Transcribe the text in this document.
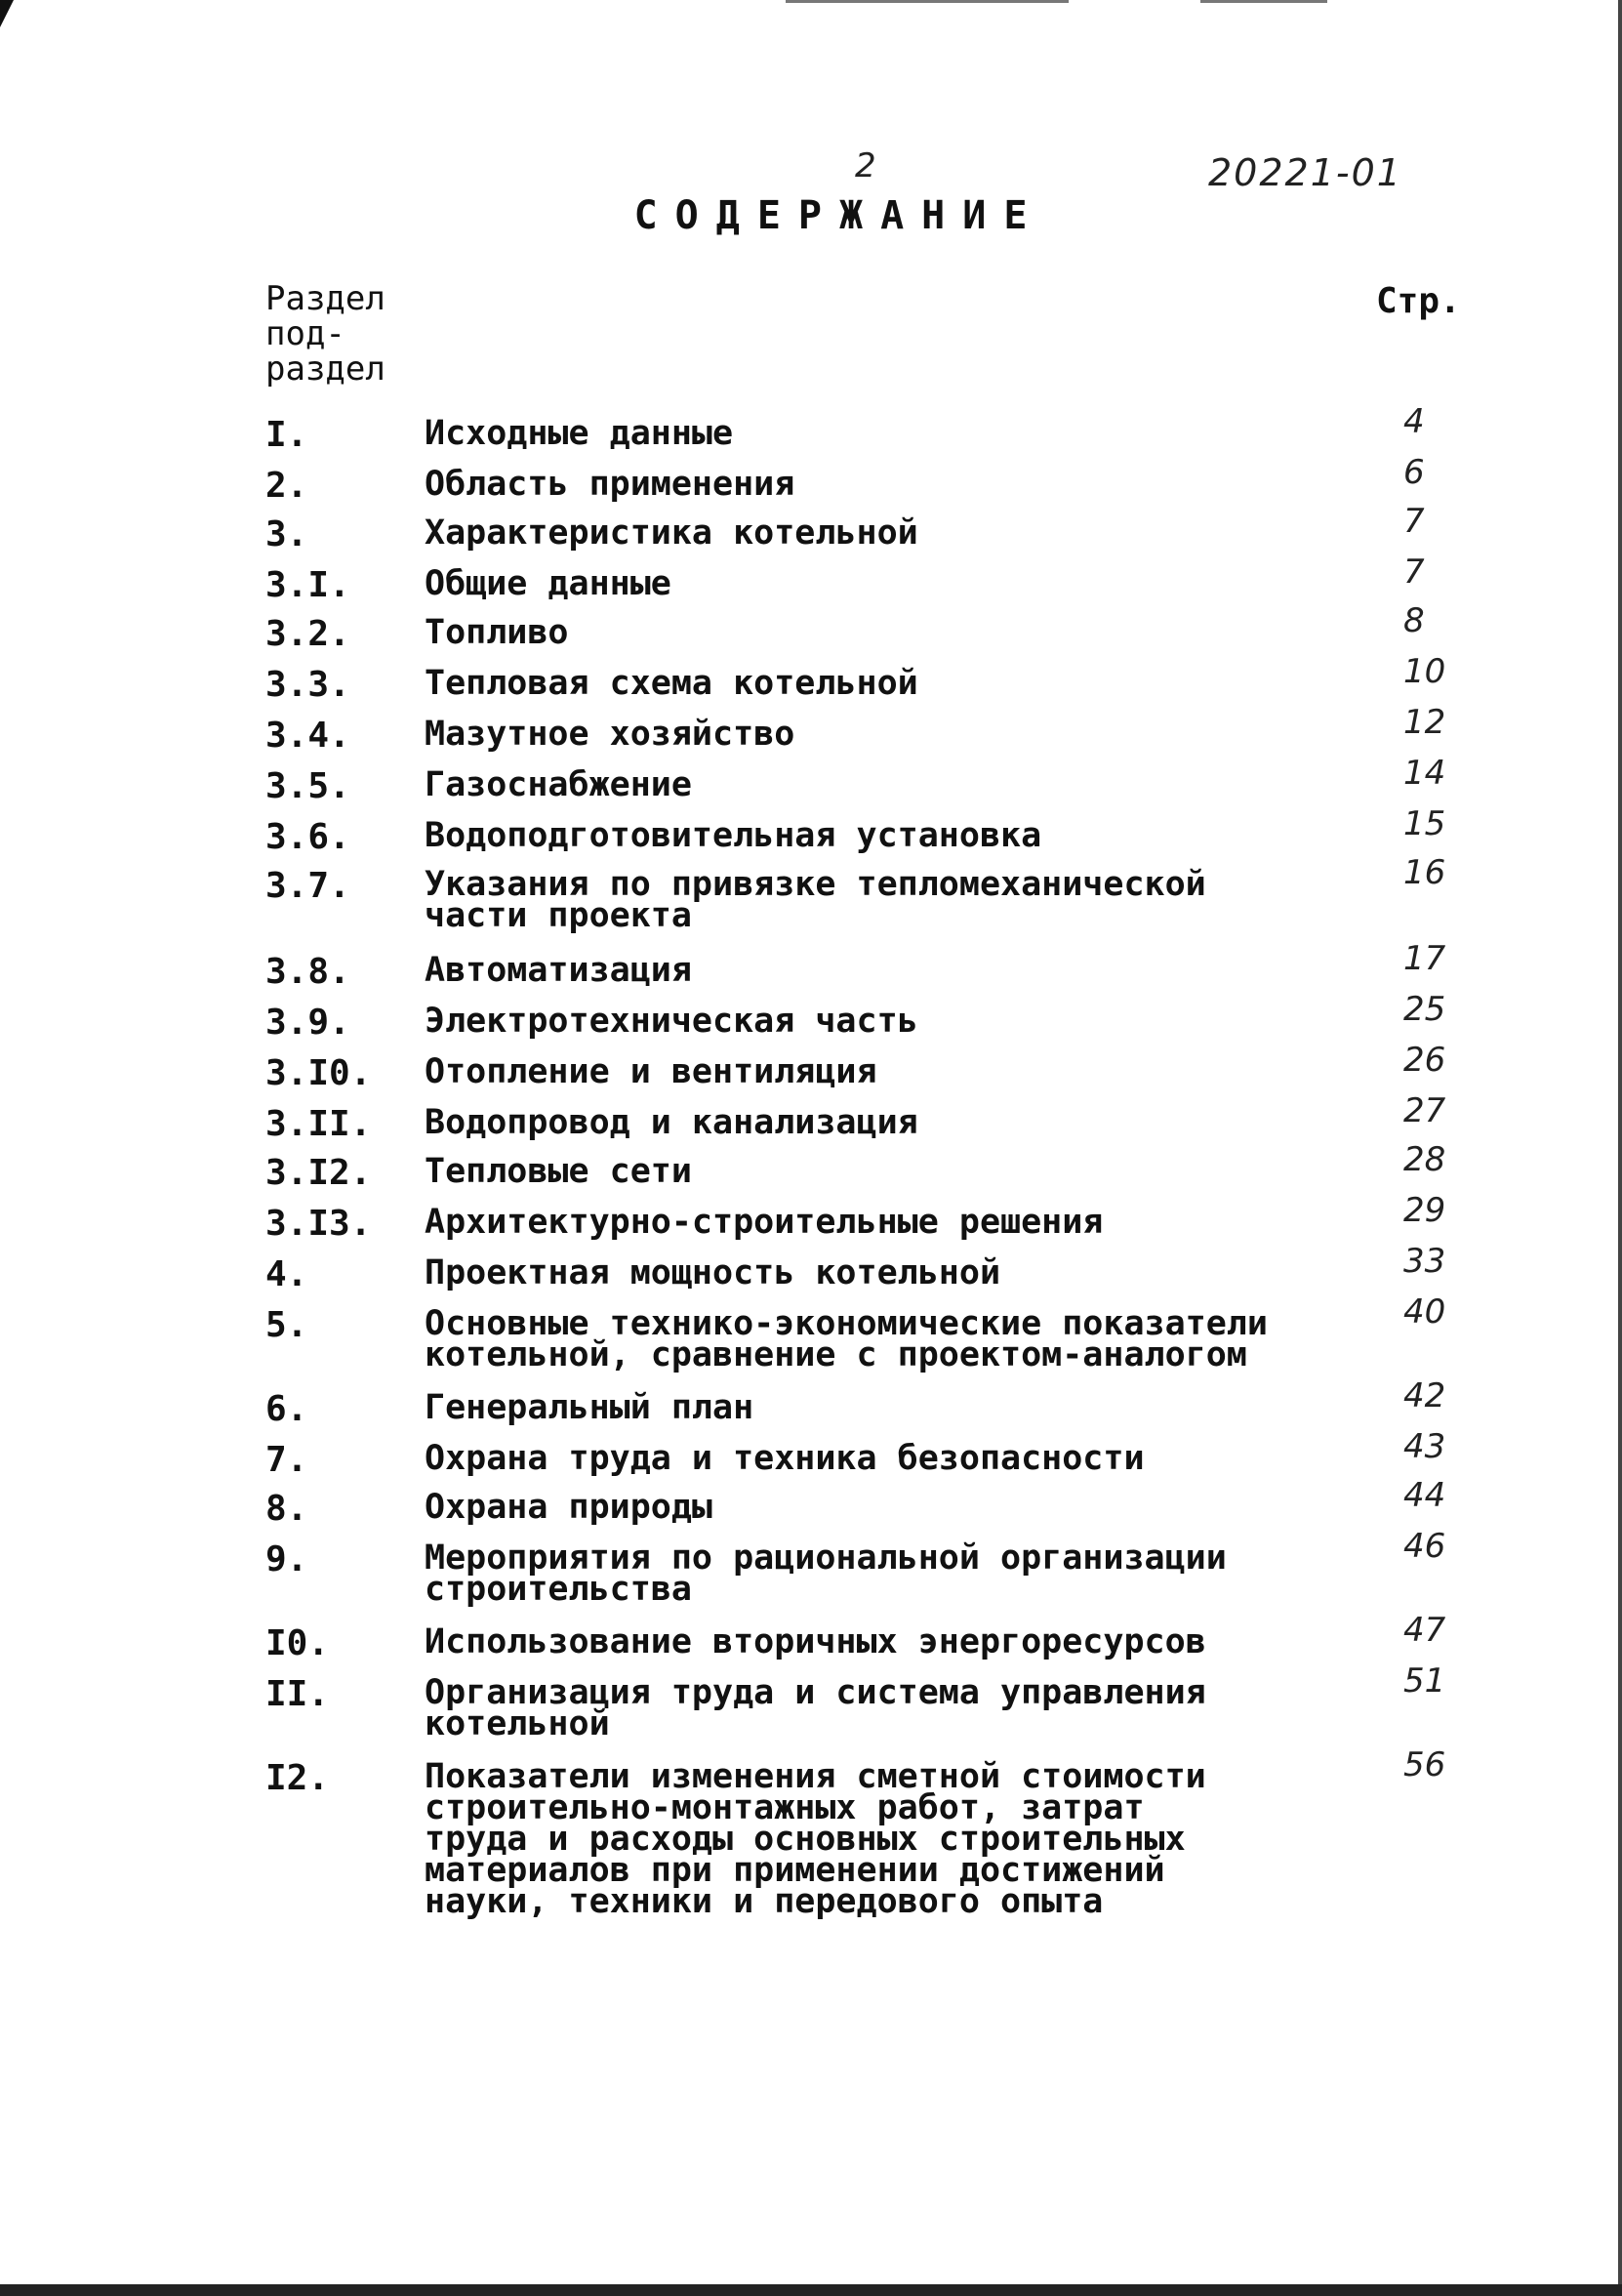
2	20221-01
СОДЕРЖАНИЕ
Раздел
под-
раздел
Стр.
I.	Исходные данные	4
2.	Область применения	6
3.	Характеристика котельной	7
3.I. Общие данные	7
3.2. Топливо	8
3.3. Тепловая схема котельной	10
3.4. Мазутное хозяйство	12
3.5. Газоснабжение	14
3.6. Водоподготовительная установка	15
3.7. Указания по привязке тепломеханической
части проекта
16
3.8. Автоматизация	17
3.9. Электротехническая часть	25
3.I0. Отопление и вентиляция	26
3.II. Водопровод и канализация	27
3.I2. Тепловые сети	28
3.I3. Архитектурно-строительные решения	29
4.	Проектная мощность котельной	33
5.	Основные технико-экономические показатели
котельной, сравнение с проектом-аналогом
40
6.	Генеральный план	42
7.	Охрана труда и техника безопасности	43
8.	Охрана природы	44
9.	Мероприятия по рациональной организации
строительства
46
I0.	Использование вторичных энергоресурсов	47
II.	Организация труда и система управления
котельной
51
I2.	Показатели изменения сметной стоимости
строительно-монтажных работ, затрат
труда и расходы основных строительных
материалов при применении достижений
науки, техники и передового опыта
56
